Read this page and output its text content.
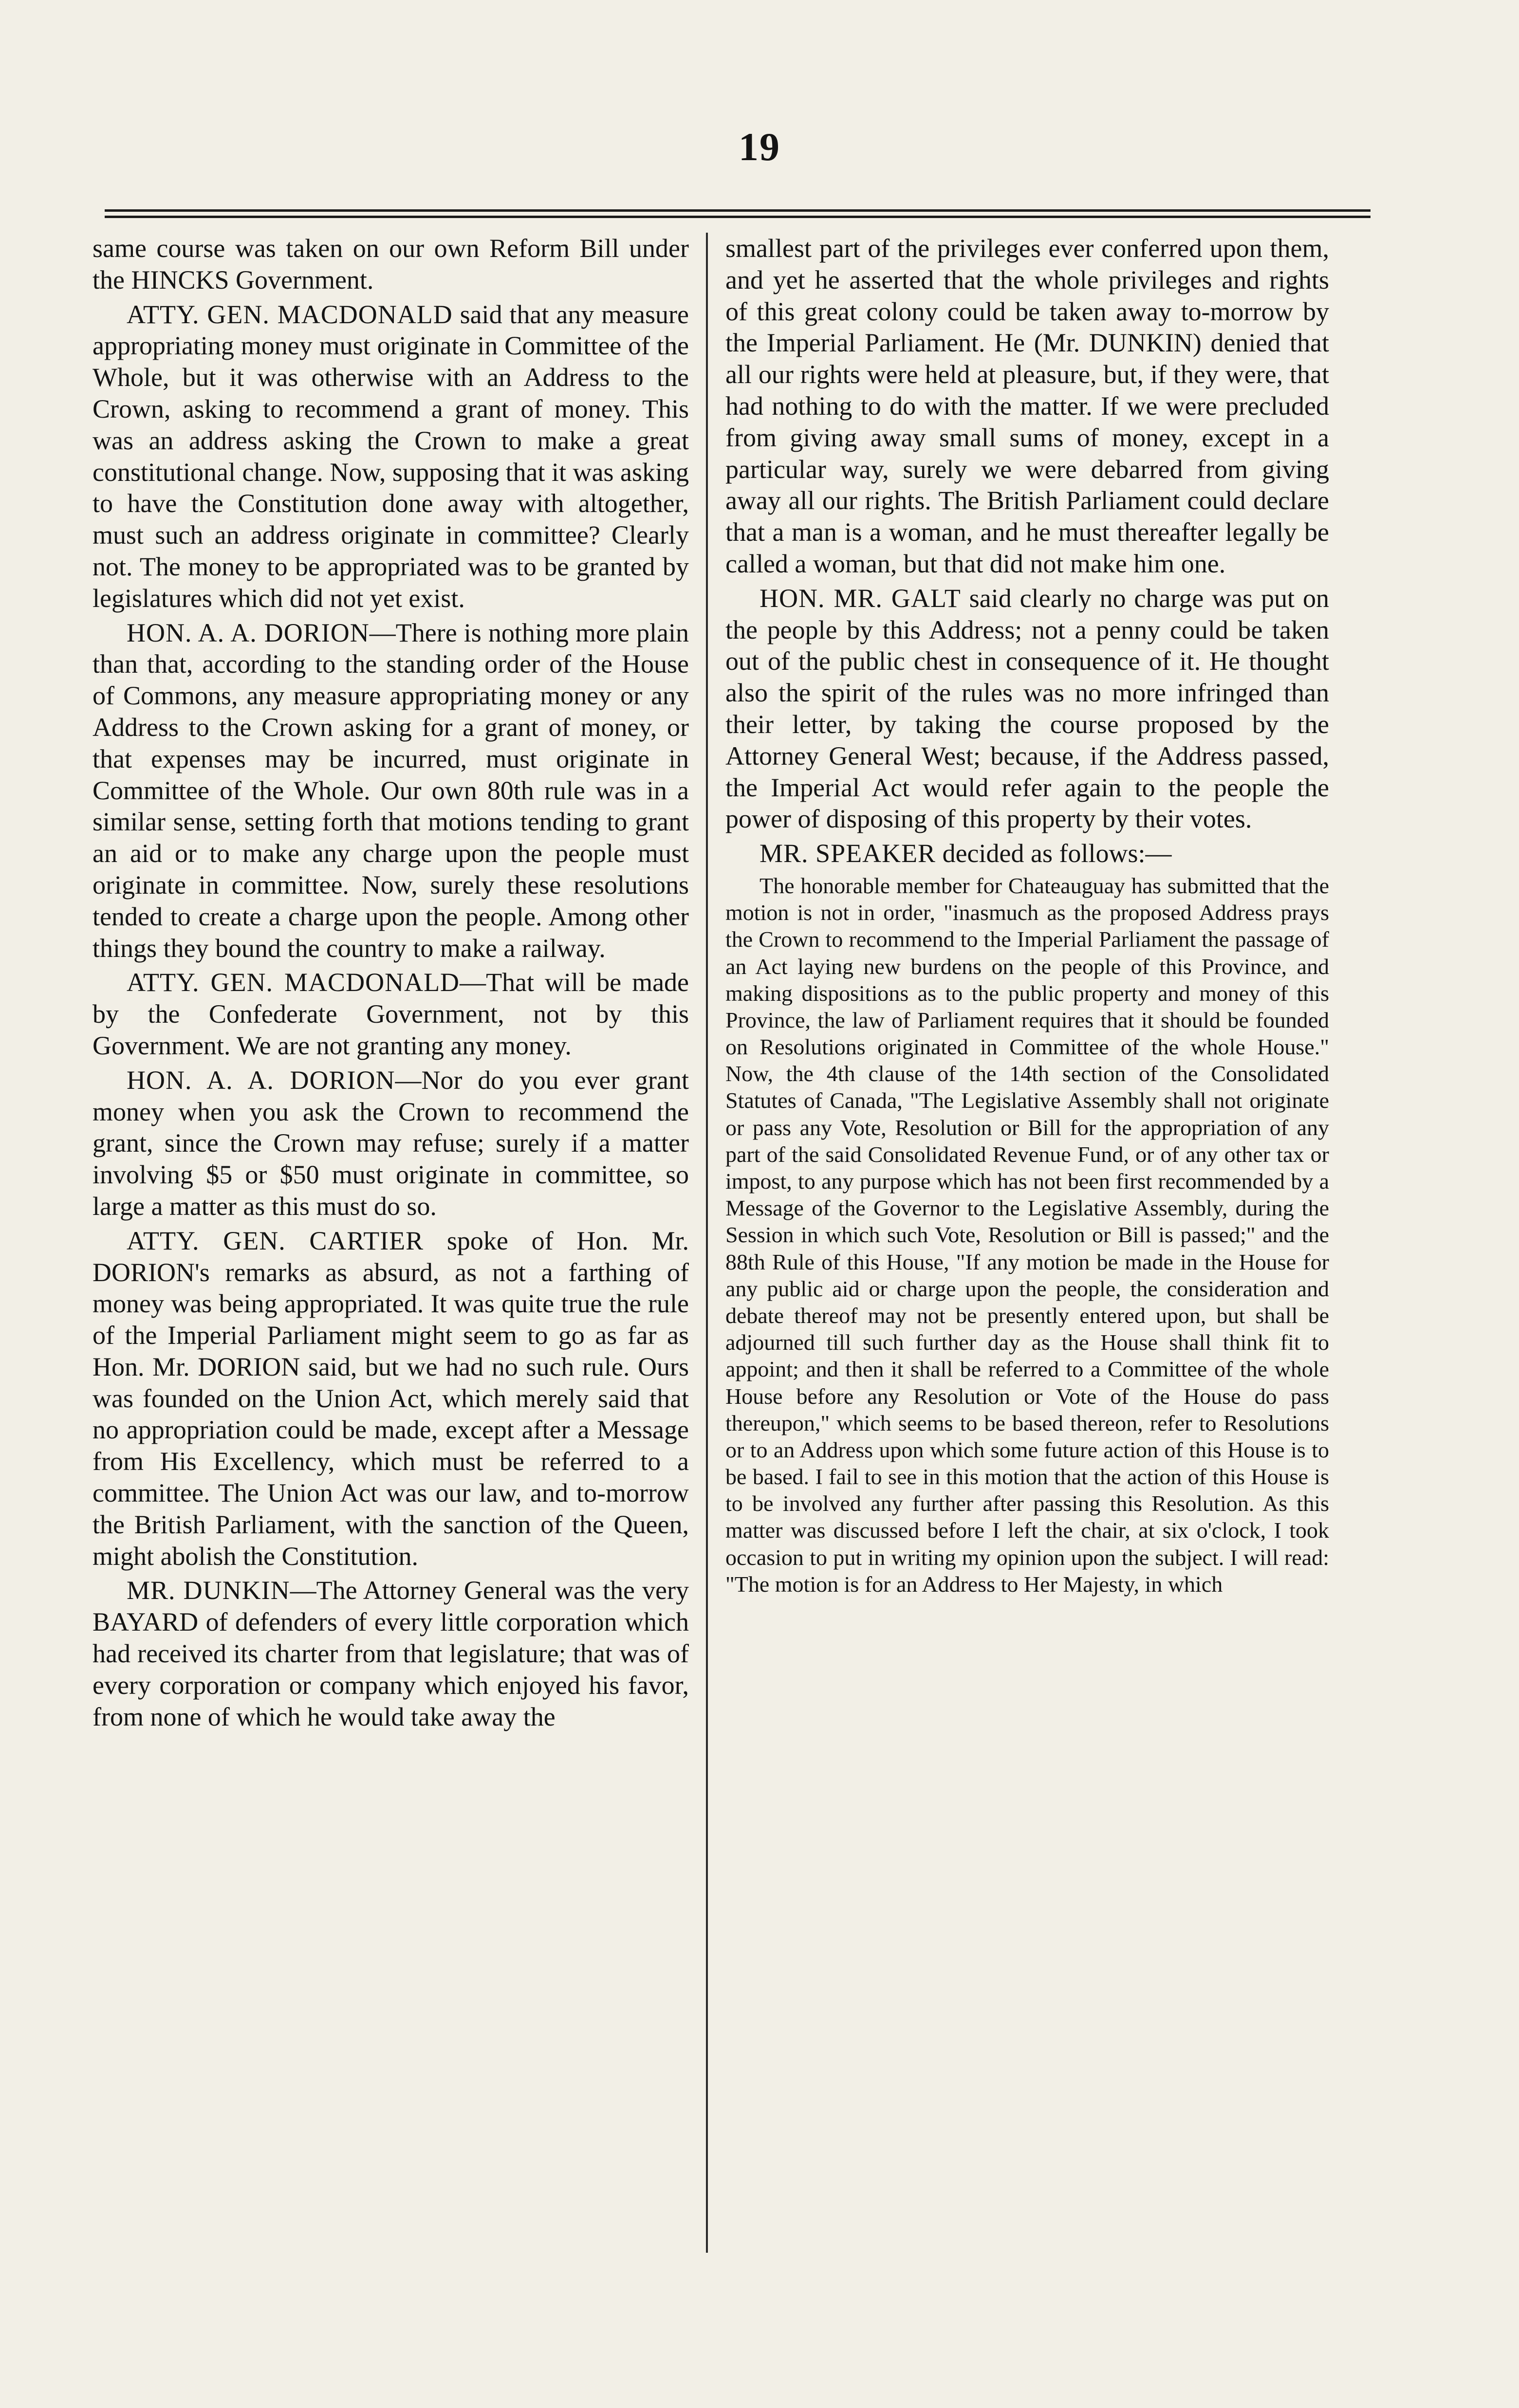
19

same course was taken on our own Reform Bill under the HINCKS Government.

ATTY. GEN. MACDONALD said that any measure appropriating money must originate in Committee of the Whole, but it was otherwise with an Address to the Crown, asking to recommend a grant of money. This was an address asking the Crown to make a great constitutional change. Now, supposing that it was asking to have the Constitution done away with altogether, must such an address originate in committee? Clearly not. The money to be appropriated was to be granted by legislatures which did not yet exist.

HON. A. A. DORION—There is nothing more plain than that, according to the standing order of the House of Commons, any measure appropriating money or any Address to the Crown asking for a grant of money, or that expenses may be incurred, must originate in Committee of the Whole. Our own 80th rule was in a similar sense, setting forth that motions tending to grant an aid or to make any charge upon the people must originate in committee. Now, surely these resolutions tended to create a charge upon the people. Among other things they bound the country to make a railway.

ATTY. GEN. MACDONALD—That will be made by the Confederate Government, not by this Government. We are not granting any money.

HON. A. A. DORION—Nor do you ever grant money when you ask the Crown to recommend the grant, since the Crown may refuse; surely if a matter involving $5 or $50 must originate in committee, so large a matter as this must do so.

ATTY. GEN. CARTIER spoke of Hon. Mr. DORION's remarks as absurd, as not a farthing of money was being appropriated. It was quite true the rule of the Imperial Parliament might seem to go as far as Hon. Mr. DORION said, but we had no such rule. Ours was founded on the Union Act, which merely said that no appropriation could be made, except after a Message from His Excellency, which must be referred to a committee. The Union Act was our law, and to-morrow the British Parliament, with the sanction of the Queen, might abolish the Constitution.

MR. DUNKIN—The Attorney General was the very BAYARD of defenders of every little corporation which had received its charter from that legislature; that was of every corporation or company which enjoyed his favor, from none of which he would take away the

smallest part of the privileges ever conferred upon them, and yet he asserted that the whole privileges and rights of this great colony could be taken away to-morrow by the Imperial Parliament. He (Mr. DUNKIN) denied that all our rights were held at pleasure, but, if they were, that had nothing to do with the matter. If we were precluded from giving away small sums of money, except in a particular way, surely we were debarred from giving away all our rights. The British Parliament could declare that a man is a woman, and he must thereafter legally be called a woman, but that did not make him one.

HON. MR. GALT said clearly no charge was put on the people by this Address; not a penny could be taken out of the public chest in consequence of it. He thought also the spirit of the rules was no more infringed than their letter, by taking the course proposed by the Attorney General West; because, if the Address passed, the Imperial Act would refer again to the people the power of disposing of this property by their votes.

MR. SPEAKER decided as follows:—

The honorable member for Chateauguay has submitted that the motion is not in order, "inasmuch as the proposed Address prays the Crown to recommend to the Imperial Parliament the passage of an Act laying new burdens on the people of this Province, and making dispositions as to the public property and money of this Province, the law of Parliament requires that it should be founded on Resolutions originated in Committee of the whole House." Now, the 4th clause of the 14th section of the Consolidated Statutes of Canada, "The Legislative Assembly shall not originate or pass any Vote, Resolution or Bill for the appropriation of any part of the said Consolidated Revenue Fund, or of any other tax or impost, to any purpose which has not been first recommended by a Message of the Governor to the Legislative Assembly, during the Session in which such Vote, Resolution or Bill is passed;" and the 88th Rule of this House, "If any motion be made in the House for any public aid or charge upon the people, the consideration and debate thereof may not be presently entered upon, but shall be adjourned till such further day as the House shall think fit to appoint; and then it shall be referred to a Committee of the whole House before any Resolution or Vote of the House do pass thereupon," which seems to be based thereon, refer to Resolutions or to an Address upon which some future action of this House is to be based. I fail to see in this motion that the action of this House is to be involved any further after passing this Resolution. As this matter was discussed before I left the chair, at six o'clock, I took occasion to put in writing my opinion upon the subject. I will read: "The motion is for an Address to Her Majesty, in which
